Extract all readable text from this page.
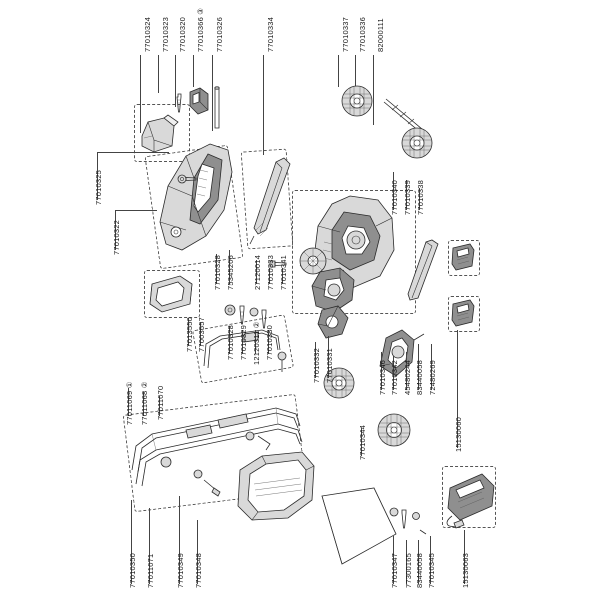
77010324 77010323 77010320 77010366 ③ 77010326	77010334	77010337 77010336 82000111
77010325
77010322
77010340 77010339 77010338
77010328 75345206 27120014 77010333 77010341
77010328 77010329 12120311 ② 77010330
77010332 77010331
77013550 77003557
77010346 77010342 45480244 83440058 72480269
77011069 ① 77011068 ② 77011070
15130060
77010344
77010350 77011071	77010349 77010348	77010347 77300165 83440058 77010345	15130063
